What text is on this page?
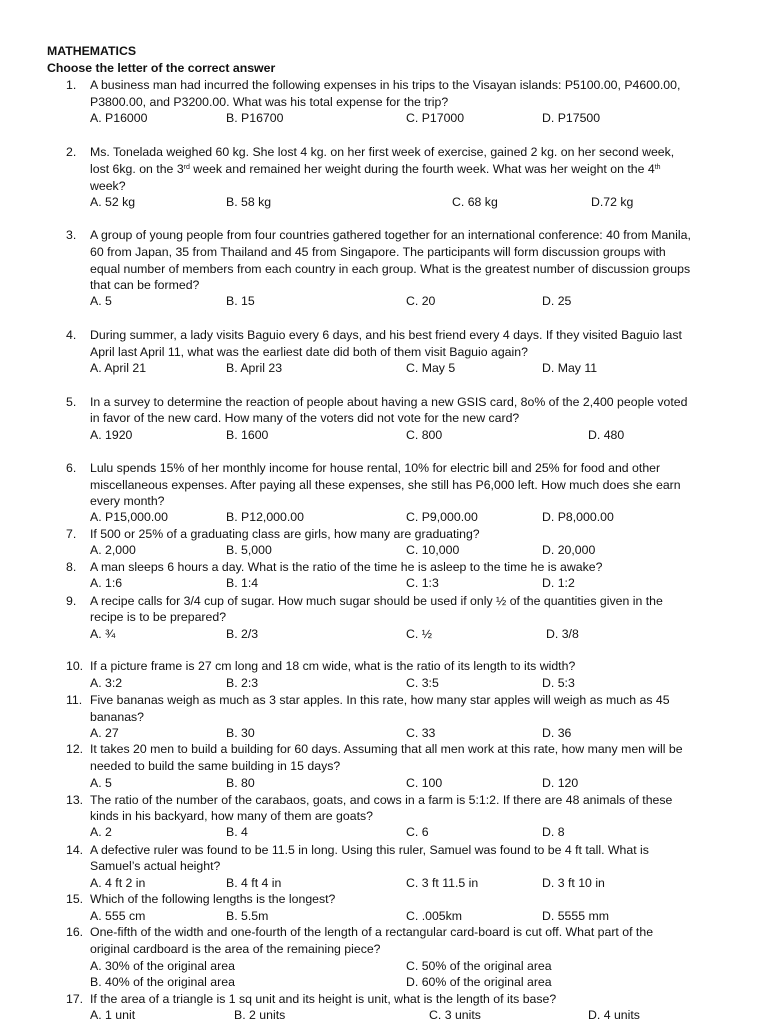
MATHEMATICS
Choose the letter of the correct answer
1. A business man had incurred the following expenses in his trips to the Visayan islands: P5100.00, P4600.00,
P3800.00, and P3200.00. What was his total expense for the trip?
A. P16000	B. P16700	C. P17000	D. P17500
2. Ms. Tonelada weighed 60 kg. She lost 4 kg. on her first week of exercise, gained 2 kg. on her second week,
lost 6kg. on the 3rd week and remained her weight during the fourth week. What was her weight on the 4th
week?
A. 52 kg	B. 58 kg	C. 68 kg	D.72 kg
3. A group of young people from four countries gathered together for an international conference: 40 from Manila,
60 from Japan, 35 from Thailand and 45 from Singapore. The participants will form discussion groups with
equal number of members from each country in each group. What is the greatest number of discussion groups
that can be formed?
A. 5	B. 15	C. 20	D. 25
4. During summer, a lady visits Baguio every 6 days, and his best friend every 4 days. If they visited Baguio last
April last April 11, what was the earliest date did both of them visit Baguio again?
A. April 21	B. April 23	C. May 5	D. May 11
5. In a survey to determine the reaction of people about having a new GSIS card, 8o% of the 2,400 people voted
in favor of the new card. How many of the voters did not vote for the new card?
A. 1920	B. 1600	C. 800	D. 480
6. Lulu spends 15% of her monthly income for house rental, 10% for electric bill and 25% for food and other
miscellaneous expenses. After paying all these expenses, she still has P6,000 left. How much does she earn
every month?
A. P15,000.00	B. P12,000.00	C. P9,000.00	D. P8,000.00
7. If 500 or 25% of a graduating class are girls, how many are graduating?
A. 2,000	B. 5,000	C. 10,000	D. 20,000
8. A man sleeps 6 hours a day. What is the ratio of the time he is asleep to the time he is awake?
A. 1:6	B. 1:4	C. 1:3	D. 1:2
9. A recipe calls for 3/4 cup of sugar. How much sugar should be used if only ½ of the quantities given in the
recipe is to be prepared?
A. ¾	B. 2/3	C. ½	D. 3/8
10. If a picture frame is 27 cm long and 18 cm wide, what is the ratio of its length to its width?
A. 3:2	B. 2:3	C. 3:5	D. 5:3
11. Five bananas weigh as much as 3 star apples. In this rate, how many star apples will weigh as much as 45
bananas?
A. 27	B. 30	C. 33	D. 36
12. It takes 20 men to build a building for 60 days. Assuming that all men work at this rate, how many men will be
needed to build the same building in 15 days?
A. 5	B. 80	C. 100	D. 120
13. The ratio of the number of the carabaos, goats, and cows in a farm is 5:1:2. If there are 48 animals of these
kinds in his backyard, how many of them are goats?
A. 2	B. 4	C. 6	D. 8
14. A defective ruler was found to be 11.5 in long. Using this ruler, Samuel was found to be 4 ft tall. What is
Samuel’s actual height?
A. 4 ft 2 in	B. 4 ft 4 in	C. 3 ft 11.5 in	D. 3 ft 10 in
15. Which of the following lengths is the longest?
A. 555 cm	B. 5.5m	C. .005km	D. 5555 mm
16. One-fifth of the width and one-fourth of the length of a rectangular card-board is cut off. What part of the
original cardboard is the area of the remaining piece?
A. 30% of the original area	C. 50% of the original area
B. 40% of the original area	D. 60% of the original area
17. If the area of a triangle is 1 sq unit and its height is unit, what is the length of its base?
A. 1 unit	B. 2 units	C. 3 units	D. 4 units
